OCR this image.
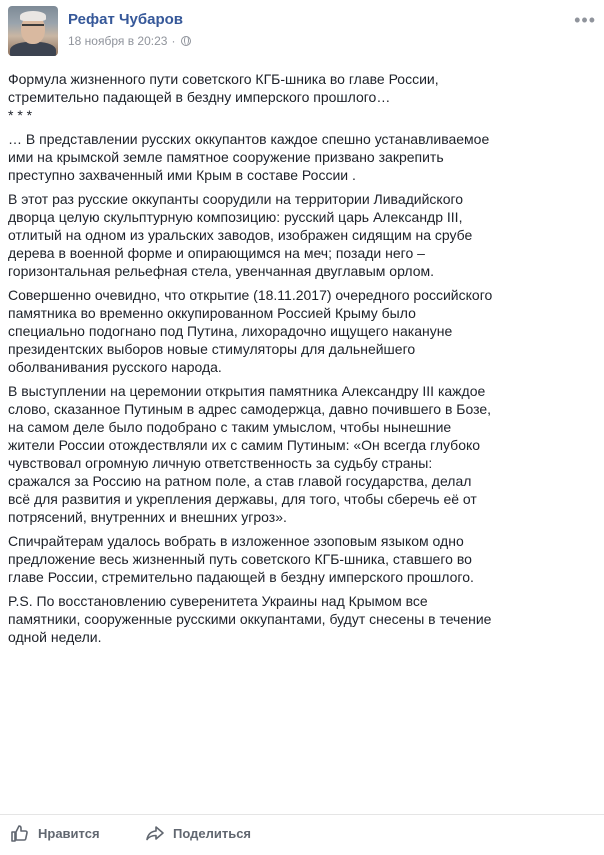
Рефат Чубаров
18 ноября в 20:23 ·
•••

Формула жизненного пути советского КГБ-шника во главе России,
стремительно падающей в бездну имперского прошлого…
* * *

… В представлении русских оккупантов каждое спешно устанавливаемое
ими на крымской земле памятное сооружение призвано закрепить
преступно захваченный ими Крым в составе России .

В этот раз русские оккупанты соорудили на территории Ливадийского
дворца целую скульптурную композицию: русский царь Александр III,
отлитый на одном из уральских заводов, изображен сидящим на срубе
дерева в военной форме и опирающимся на меч; позади него –
горизонтальная рельефная стела, увенчанная двуглавым орлом.

Совершенно очевидно, что открытие (18.11.2017) очередного российского
памятника во временно оккупированном Россией Крыму было
специально подогнано под Путина, лихорадочно ищущего накануне
президентских выборов новые стимуляторы для дальнейшего
оболванивания русского народа.

В выступлении на церемонии открытия памятника Александру III каждое
слово, сказанное Путиным в адрес самодержца, давно почившего в Бозе,
на самом деле было подобрано с таким умыслом, чтобы нынешние
жители России отождествляли их с самим Путиным: «Он всегда глубоко
чувствовал огромную личную ответственность за судьбу страны:
сражался за Россию на ратном поле, а став главой государства, делал
всё для развития и укрепления державы, для того, чтобы сберечь её от
потрясений, внутренних и внешних угроз».

Спичрайтерам удалось вобрать в изложенное эзоповым языком одно
предложение весь жизненный путь советского КГБ-шника, ставшего во
главе России, стремительно падающей в бездну имперского прошлого.

P.S. По восстановлению суверенитета Украины над Крымом все
памятники, сооруженные русскими оккупантами, будут снесены в течение
одной недели.

Нравится	Поделиться
